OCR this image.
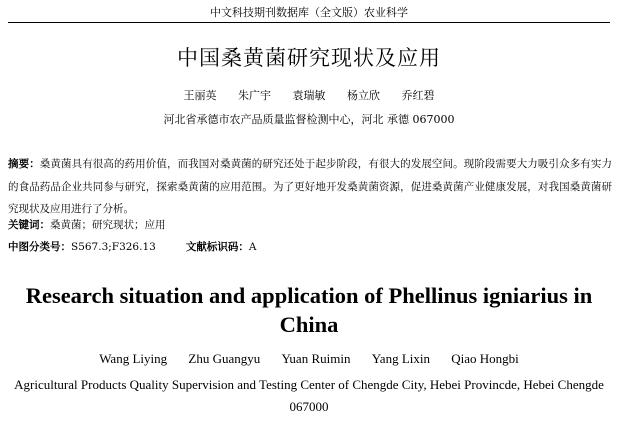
中文科技期刊数据库（全文版）农业科学
中国桑黄菌研究现状及应用
王丽英 朱广宇 袁瑞敏 杨立欣 乔红碧
河北省承德市农产品质量监督检测中心，河北 承德 067000
摘要：桑黄菌具有很高的药用价值，而我国对桑黄菌的研究还处于起步阶段，有很大的发展空间。现阶段需要大力吸引众多有实力的食品药品企业共同参与研究，探索桑黄菌的应用范围。为了更好地开发桑黄菌资源，促进桑黄菌产业健康发展，对我国桑黄菌研究现状及应用进行了分析。
关键词：桑黄菌；研究现状；应用
中图分类号：S567.3;F326.13	文献标识码：A
Research situation and application of Phellinus igniarius in China
Wang Liying Zhu Guangyu Yuan Ruimin Yang Lixin Qiao Hongbi
Agricultural Products Quality Supervision and Testing Center of Chengde City, Hebei Provincde, Hebei Chengde 067000
